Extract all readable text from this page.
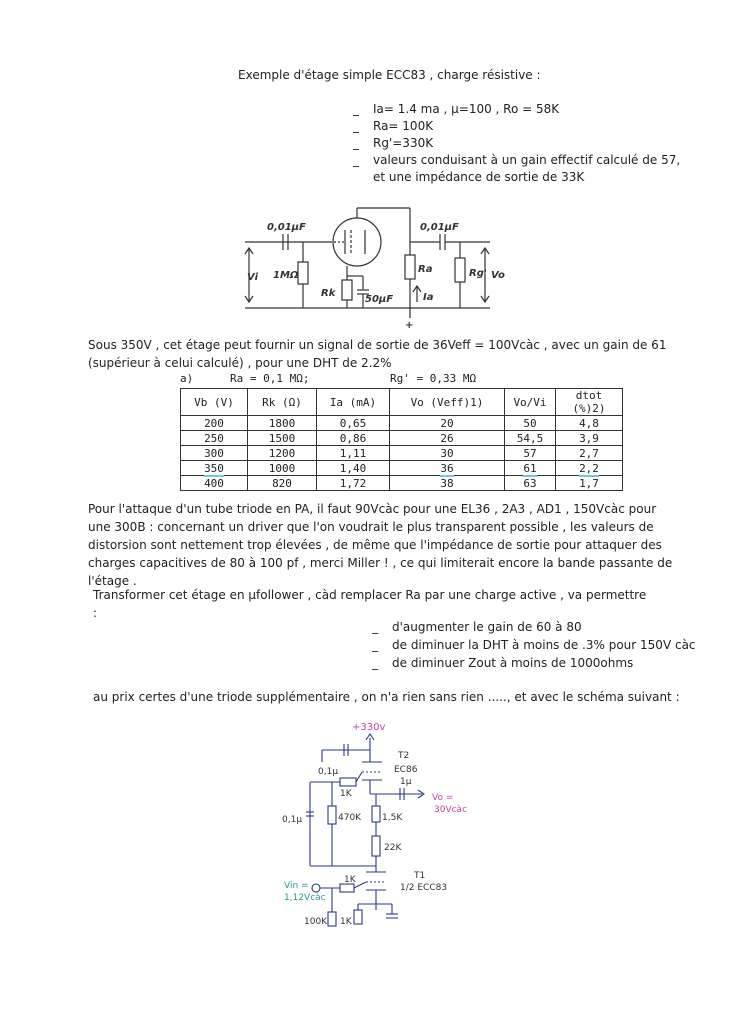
Exemple d'étage simple ECC83 , charge résistive :
_	Ia= 1.4 ma , μ=100 , Ro = 58K
_	Ra= 100K
_	Rg'=330K
_	valeurs conduisant à un gain effectif calculé de 57,
et une impédance de sortie de 33K
0,01μF	0,01μF
Vi 1MΩ
Rk
50μF
Ra	Rg'
Ia
Vo
+
Sous 350V , cet étage peut fournir un signal de sortie de 36Veff = 100Vcàc , avec un gain de 61 (supérieur à celui calculé) , pour une DHT de 2.2%
a)	Ra = 0,1 MΩ;	Rg' = 0,33 MΩ
Vb (V)	Rk (Ω)	Ia (mA)	Vo (Veff)1)	Vo/Vi	dtot (%)2)
200	1800	0,65	20	50	4,8
250	1500	0,86	26	54,5	3,9
300	1200	1,11	30	57	2,7
350	1000	1,40	36	61	2,2
400	820	1,72	38	63	1,7
Pour l'attaque d'un tube triode en PA, il faut 90Vcàc pour une EL36 , 2A3 , AD1 , 150Vcàc pour une 300B : concernant un driver que l'on voudrait le plus transparent possible , les valeurs de distorsion sont nettement trop élevées , de même que l'impédance de sortie pour attaquer des charges capacitives de 80 à 100 pf , merci Miller ! , ce qui limiterait encore la bande passante de l'étage .
Transformer cet étage en μfollower , càd remplacer Ra par une charge active , va permettre :
_	d'augmenter le gain de 60 à 80
_	de diminuer la DHT à moins de .3% pour 150V càc
_	de diminuer Zout à moins de 1000ohms
au prix certes d'une triode supplémentaire , on n'a rien sans rien ....., et avec le schéma suivant :
+330v
T2
EC86
0,1μ
1K
1μ
Vo =
30Vcàc
0,1μ	470K 1,5K
22K
1K	T1
1/2 ECC83
Vin =
1,12Vcàc
100K 1K
